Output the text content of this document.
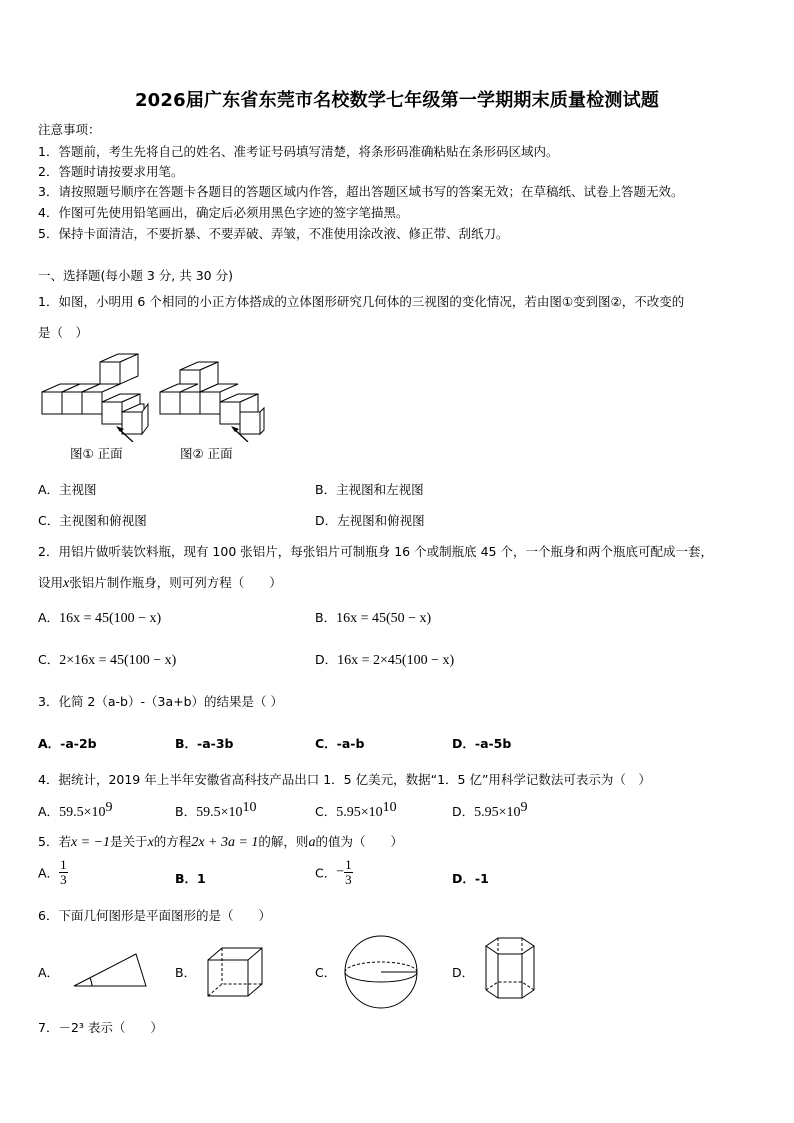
2026届广东省东莞市名校数学七年级第一学期期末质量检测试题
注意事项：
1．答题前，考生先将自己的姓名、准考证号码填写清楚，将条形码准确粘贴在条形码区域内。
2．答题时请按要求用笔。
3．请按照题号顺序在答题卡各题目的答题区域内作答，超出答题区域书写的答案无效；在草稿纸、试卷上答题无效。
4．作图可先使用铅笔画出，确定后必须用黑色字迹的签字笔描黑。
5．保持卡面清洁，不要折暴、不要弄破、弄皱，不准使用涂改液、修正带、刮纸刀。
一、选择题(每小题 3 分, 共 30 分)
1．如图，小明用 6 个相同的小正方体搭成的立体图形研究几何体的三视图的变化情况，若由图①变到图②，不改变的
是（　）
图① 正面	图② 正面
A．主视图	B．主视图和左视图
C．主视图和俯视图	D．左视图和俯视图
2．用铝片做听装饮料瓶，现有 100 张铝片，每张铝片可制瓶身 16 个或制瓶底 45 个，一个瓶身和两个瓶底可配成一套，
设用x张铝片制作瓶身，则可列方程（　　）
A．16x = 45(100 − x)	B．16x = 45(50 − x)
C．2×16x = 45(100 − x)	D．16x = 2×45(100 − x)
3．化简 2（a-b）-（3a+b）的结果是（ ）
A．-a-2b	B．-a-3b	C．-a-b	D．-a-5b
4．据统计，2019 年上半年安徽省高科技产品出口 1．5 亿美元，数据“1．5 亿”用科学记数法可表示为（　）
A．$59.5\times 10^9$	B．$59.5\times 10^{10}$	C．$5.95\times 10^{10}$	D．$5.95\times 10^9$
5．若x = −1是关于x的方程2x + 3a = 1的解，则a的值为（　　）
A． $\frac{1}{3}$	B．1	C．− $\frac{1}{3}$	D．-1
6．下面几何图形是平面图形的是（　　）
A．	B．	C．	D．
7．－2³ 表示（　　）
